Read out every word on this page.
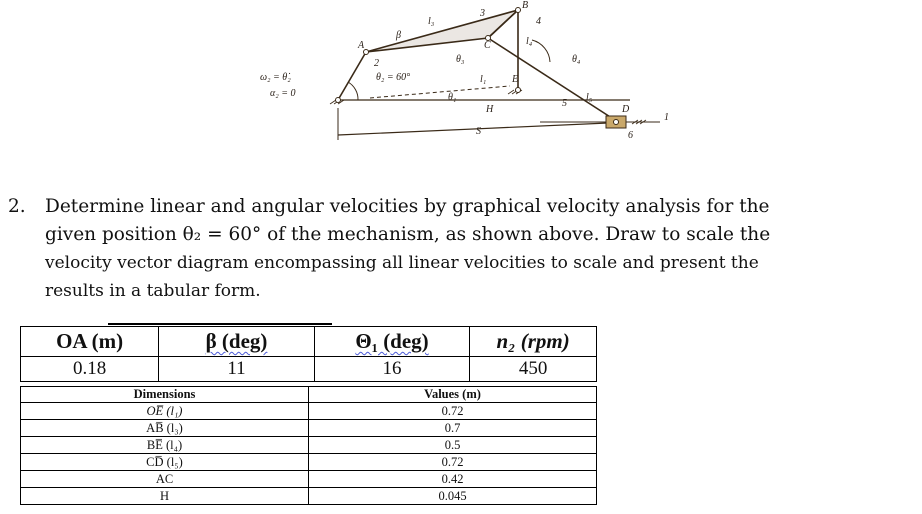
ω₂ = θ̇₂
α₂ = 0
θ₂ = 60°
A
B
C
D
E
H
S
β
θ₁
θ₃	θ₄
2
l₃
l₄
l₅
l₁
3
4
5
6
1
2. Determine linear and angular velocities by graphical velocity analysis for the
given position θ₂ = 60° of the mechanism, as shown above. Draw to scale the
velocity vector diagram encompassing all linear velocities to scale and present the
results in a tabular form.
OA (m)	β (deg)	Θ₁ (deg)	n₂ (rpm)
0.18	11	16	450
Dimensions	Values (m)
OE̅ (l₁)	0.72
AB̅ (l₃)	0.7
BE̅ (l₄)	0.5
CD̅ (l₅)	0.72
AC	0.42
H	0.045
